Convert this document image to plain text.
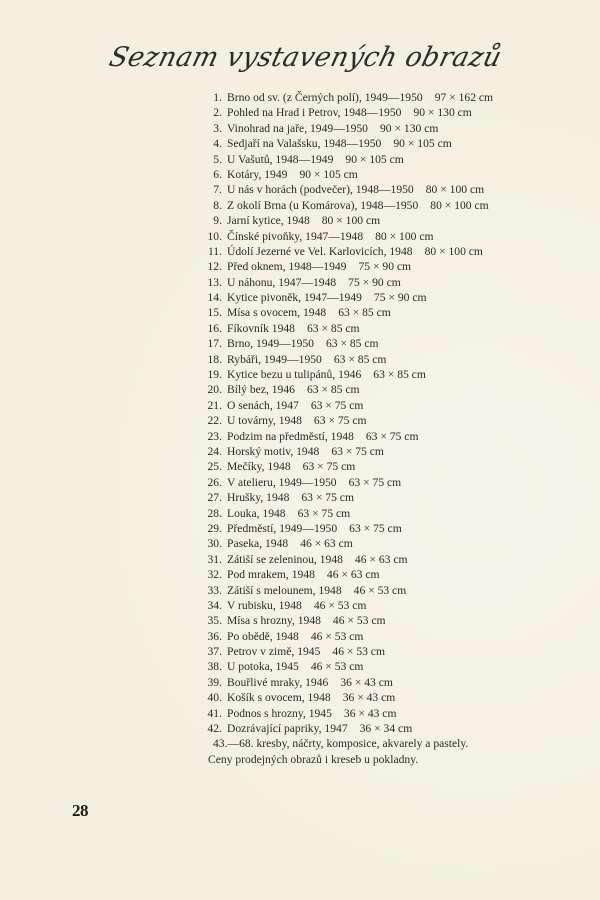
Seznam vystavených obrazů
1. Brno od sv. (z Černých polí), 1949—1950 97 × 162 cm
2. Pohled na Hrad i Petrov, 1948—1950 90 × 130 cm
3. Vinohrad na jaře, 1949—1950 90 × 130 cm
4. Sedjaří na Valašsku, 1948—1950 90 × 105 cm
5. U Vašutů, 1948—1949 90 × 105 cm
6. Kotáry, 1949 90 × 105 cm
7. U nás v horách (podvečer), 1948—1950 80 × 100 cm
8. Z okolí Brna (u Komárova), 1948—1950 80 × 100 cm
9. Jarní kytice, 1948 80 × 100 cm
10. Čínské pivoňky, 1947—1948 80 × 100 cm
11. Údolí Jezerné ve Vel. Karlovicích, 1948 80 × 100 cm
12. Před oknem, 1948—1949 75 × 90 cm
13. U náhonu, 1947—1948 75 × 90 cm
14. Kytice pivoněk, 1947—1949 75 × 90 cm
15. Mísa s ovocem, 1948 63 × 85 cm
16. Fíkovník 1948 63 × 85 cm
17. Brno, 1949—1950 63 × 85 cm
18. Rybáři, 1949—1950 63 × 85 cm
19. Kytice bezu u tulipánů, 1946 63 × 85 cm
20. Bílý bez, 1946 63 × 85 cm
21. O senách, 1947 63 × 75 cm
22. U továrny, 1948 63 × 75 cm
23. Podzim na předměstí, 1948 63 × 75 cm
24. Horský motiv, 1948 63 × 75 cm
25. Mečíky, 1948 63 × 75 cm
26. V atelieru, 1949—1950 63 × 75 cm
27. Hrušky, 1948 63 × 75 cm
28. Louka, 1948 63 × 75 cm
29. Předměstí, 1949—1950 63 × 75 cm
30. Paseka, 1948 46 × 63 cm
31. Zátiší se zeleninou, 1948 46 × 63 cm
32. Pod mrakem, 1948 46 × 63 cm
33. Zátiší s melounem, 1948 46 × 53 cm
34. V rubisku, 1948 46 × 53 cm
35. Mísa s hrozny, 1948 46 × 53 cm
36. Po obědě, 1948 46 × 53 cm
37. Petrov v zimě, 1945 46 × 53 cm
38. U potoka, 1945 46 × 53 cm
39. Bouřlivé mraky, 1946 36 × 43 cm
40. Košík s ovocem, 1948 36 × 43 cm
41. Podnos s hrozny, 1945 36 × 43 cm
42. Dozrávající papriky, 1947 36 × 34 cm
43.—68. kresby, náčrty, komposice, akvarely a pastely.
Ceny prodejných obrazů i kreseb u pokladny.
28
